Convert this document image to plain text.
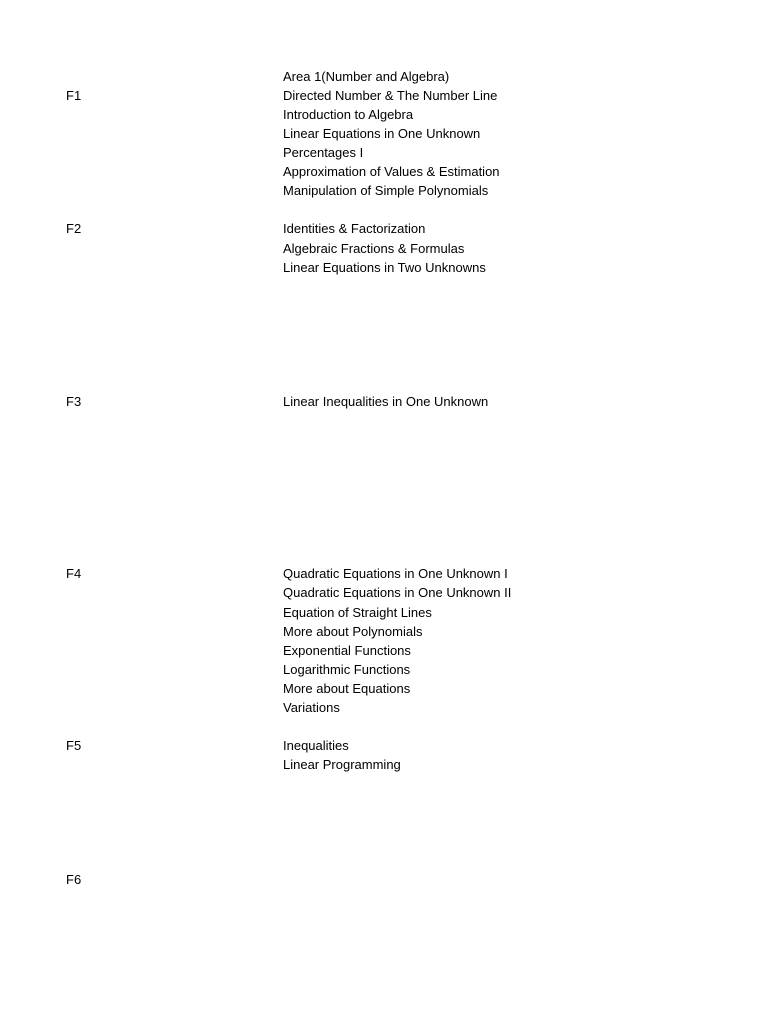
Area 1(Number and Algebra)
F1	Directed Number & The Number Line
Introduction to Algebra
Linear Equations in One Unknown
Percentages I
Approximation of Values & Estimation
Manipulation of Simple Polynomials
F2	Identities & Factorization
Algebraic Fractions & Formulas
Linear Equations in Two Unknowns
F3	Linear Inequalities in One Unknown
F4	Quadratic Equations in One Unknown I
Quadratic Equations in One Unknown II
Equation of Straight Lines
More about Polynomials
Exponential Functions
Logarithmic Functions
More about Equations
Variations
F5	Inequalities
Linear Programming
F6
